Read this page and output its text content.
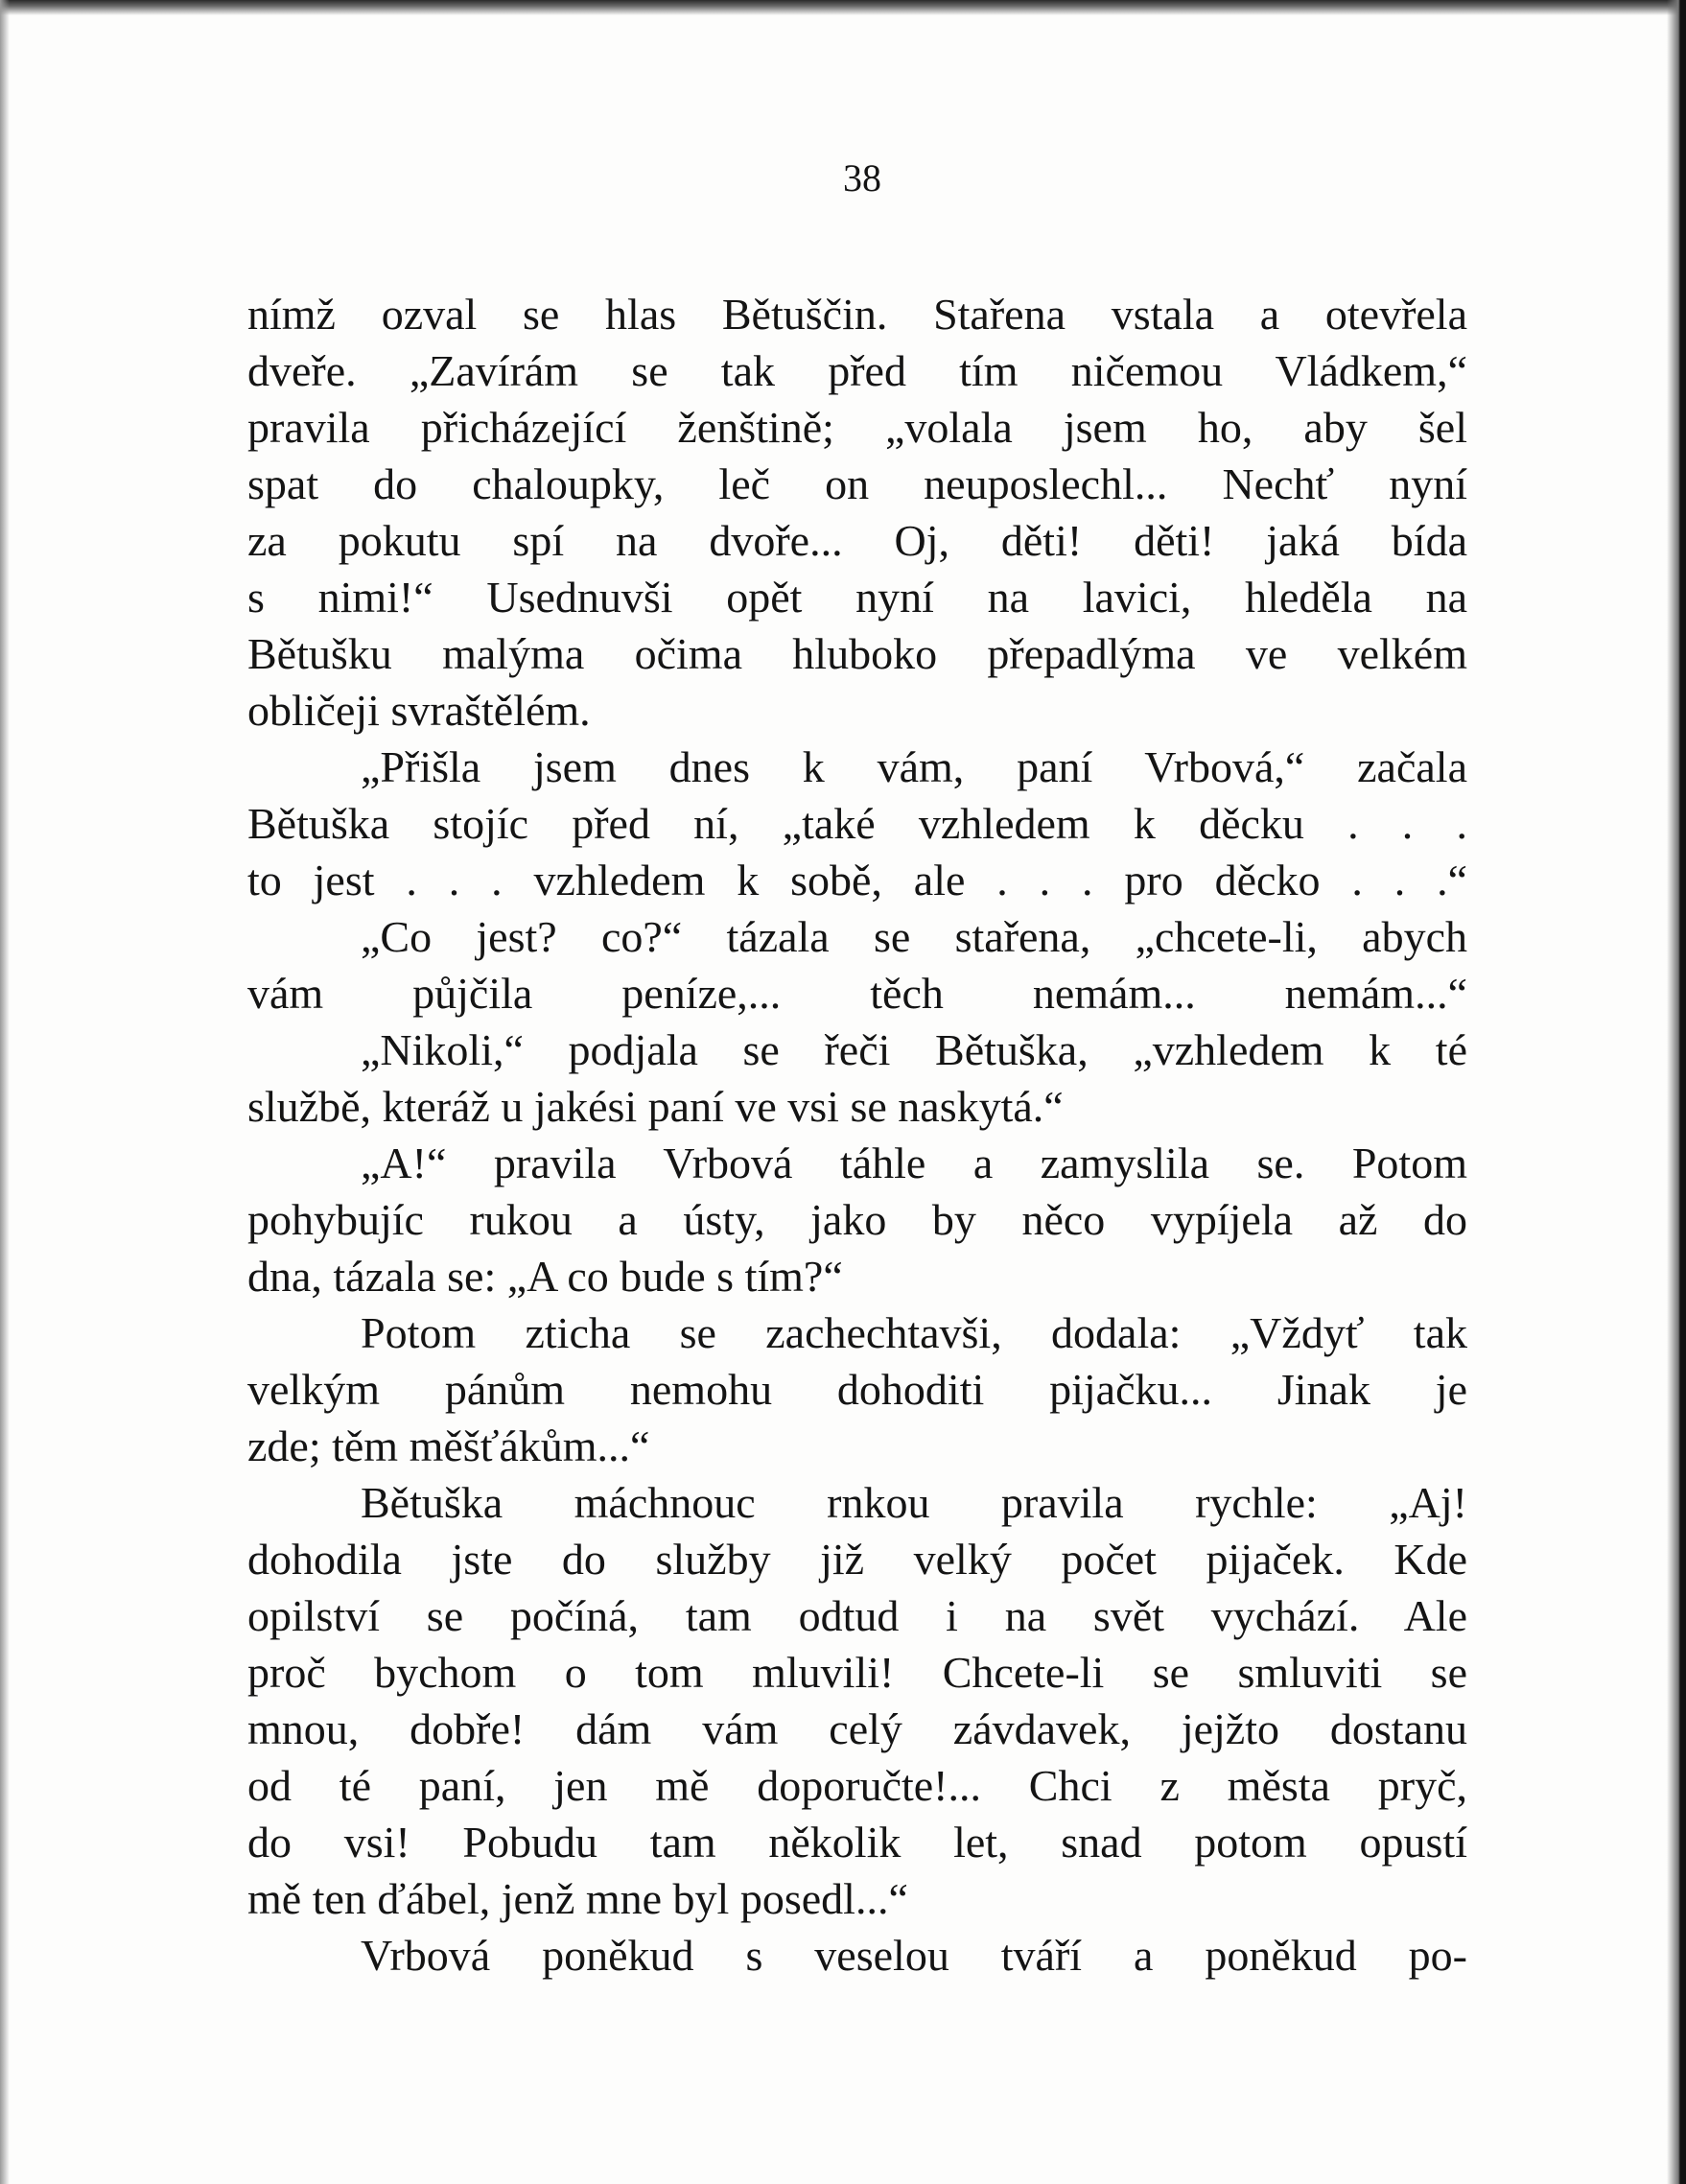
38
nímž ozval se hlas Bětuščin. Stařena vstala a otevřela
dveře. „Zavírám se tak před tím ničemou Vládkem,“
pravila přicházející ženštině; „volala jsem ho, aby šel
spat do chaloupky, leč on neuposlechl... Nechť nyní
za pokutu spí na dvoře... Oj, děti! děti! jaká bída
s nimi!“ Usednuvši opět nyní na lavici, hleděla na
Bětušku malýma očima hluboko přepadlýma ve velkém
obličeji svraštělém.
„Přišla jsem dnes k vám, paní Vrbová,“ začala
Bětuška stojíc před ní, „také vzhledem k děcku . . .
to jest . . . vzhledem k sobě, ale . . . pro děcko . . .“
„Co jest? co?“ tázala se stařena, „chcete-li, abych
vám půjčila peníze,... těch nemám... nemám...“
„Nikoli,“ podjala se řeči Bětuška, „vzhledem k té
službě, kteráž u jakési paní ve vsi se naskytá.“
„A!“ pravila Vrbová táhle a zamyslila se. Potom
pohybujíc rukou a ústy, jako by něco vypíjela až do
dna, tázala se: „A co bude s tím?“
Potom zticha se zachechtavši, dodala: „Vždyť tak
velkým pánům nemohu dohoditi pijačku... Jinak je
zde; těm měšťákům...“
Bětuška máchnouc rnkou pravila rychle: „Aj!
dohodila jste do služby již velký počet pijaček. Kde
opilství se počíná, tam odtud i na svět vychází. Ale
proč bychom o tom mluvili! Chcete-li se smluviti se
mnou, dobře! dám vám celý závdavek, jejžto dostanu
od té paní, jen mě doporučte!... Chci z města pryč,
do vsi! Pobudu tam několik let, snad potom opustí
mě ten ďábel, jenž mne byl posedl...“
Vrbová poněkud s veselou tváří a poněkud po-
